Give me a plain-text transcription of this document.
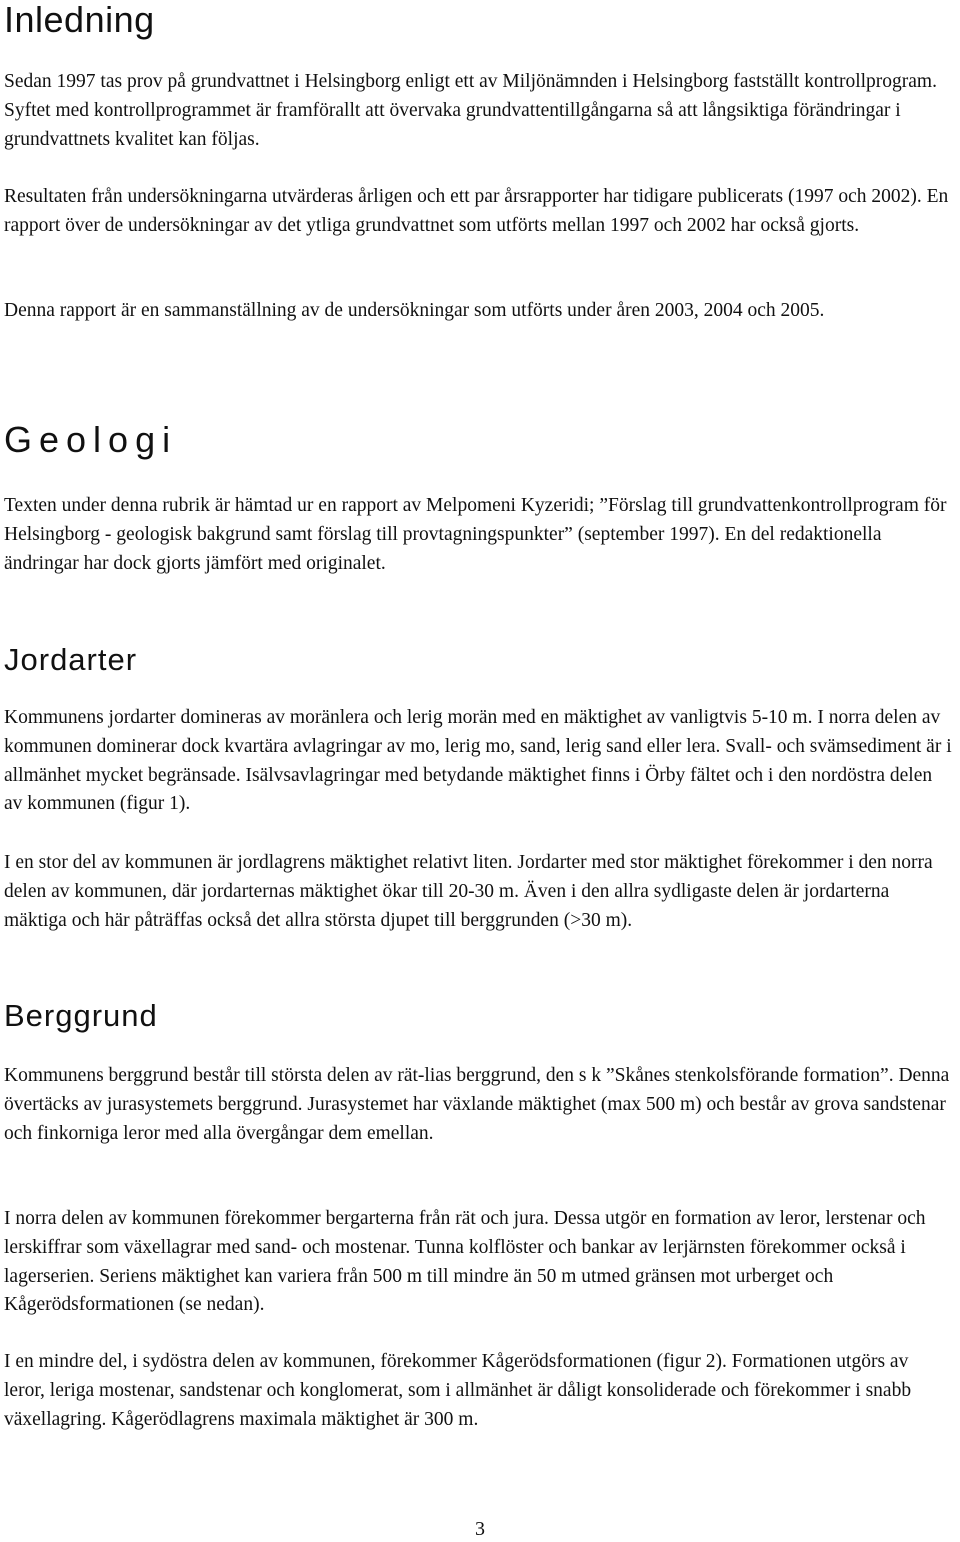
Inledning

Sedan 1997 tas prov på grundvattnet i Helsingborg enligt ett av Miljönämnden i Helsingborg fastställt kontrollprogram. Syftet med kontrollprogrammet är framförallt att övervaka grundvattentillgångarna så att långsiktiga förändringar i grundvattnets kvalitet kan följas.

Resultaten från undersökningarna utvärderas årligen och ett par årsrapporter har tidigare publicerats (1997 och 2002). En rapport över de undersökningar av det ytliga grundvattnet som utförts mellan 1997 och 2002 har också gjorts.

Denna rapport är en sammanställning av de undersökningar som utförts under åren 2003, 2004 och 2005.

Geologi

Texten under denna rubrik är hämtad ur en rapport av Melpomeni Kyzeridi; ”Förslag till grundvattenkontrollprogram för Helsingborg - geologisk bakgrund samt förslag till provtagningspunkter” (september 1997). En del redaktionella ändringar har dock gjorts jämfört med originalet.

Jordarter

Kommunens jordarter domineras av moränlera och lerig morän med en mäktighet av vanligtvis 5-10 m. I norra delen av kommunen dominerar dock kvartära avlagringar av mo, lerig mo, sand, lerig sand eller lera. Svall- och svämsediment är i allmänhet mycket begränsade. Isälvsavlagringar med betydande mäktighet finns i Örby fältet och i den nordöstra delen av kommunen (figur 1).

I en stor del av kommunen är jordlagrens mäktighet relativt liten. Jordarter med stor mäktighet förekommer i den norra delen av kommunen, där jordarternas mäktighet ökar till 20-30 m. Även i den allra sydligaste delen är jordarterna mäktiga och här påträffas också det allra största djupet till berggrunden (>30 m).

Berggrund

Kommunens berggrund består till största delen av rät-lias berggrund, den s k ”Skånes stenkolsförande formation”. Denna övertäcks av jurasystemets berggrund. Jurasystemet har växlande mäktighet (max 500 m) och består av grova sandstenar och finkorniga leror med alla övergångar dem emellan.

I norra delen av kommunen förekommer bergarterna från rät och jura. Dessa utgör en formation av leror, lerstenar och lerskiffrar som växellagrar med sand- och mostenar. Tunna kolflöster och bankar av lerjärnsten förekommer också i lagerserien. Seriens mäktighet kan variera från 500 m till mindre än 50 m utmed gränsen mot urberget och Kågerödsformationen (se nedan).

I en mindre del, i sydöstra delen av kommunen, förekommer Kågerödsformationen (figur 2). Formationen utgörs av leror, leriga mostenar, sandstenar och konglomerat, som i allmänhet är dåligt konsoliderade och förekommer i snabb växellagring. Kågerödlagrens maximala mäktighet är 300 m.

3
